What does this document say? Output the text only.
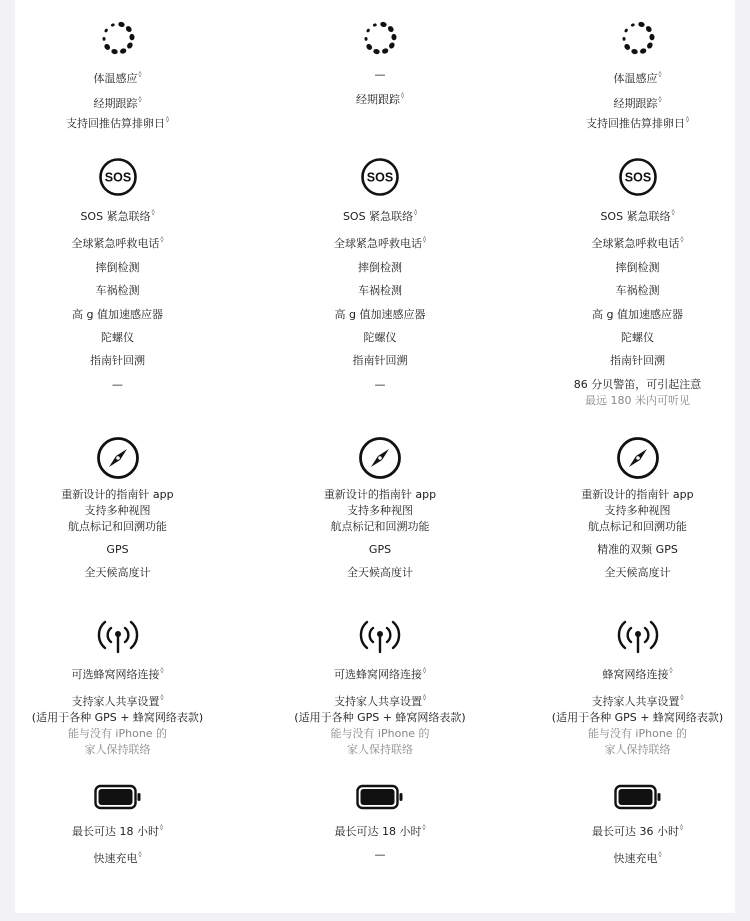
体温感应◊

经期跟踪◊

支持回推估算排卵日◊

SOS

SOS 紧急联络◊

全球紧急呼救电话◊

摔倒检测

车祸检测

高 g 值加速感应器

陀螺仪

指南针回溯

—

重新设计的指南针 app

支持多种视图

航点标记和回溯功能

GPS

全天候高度计

可选蜂窝网络连接◊

支持家人共享设置◊

(适用于各种 GPS + 蜂窝网络表款)

能与没有 iPhone 的

家人保持联络

最长可达 18 小时◊

快速充电◊

—

经期跟踪◊

SOS

SOS 紧急联络◊

全球紧急呼救电话◊

摔倒检测

车祸检测

高 g 值加速感应器

陀螺仪

指南针回溯

—

重新设计的指南针 app

支持多种视图

航点标记和回溯功能

GPS

全天候高度计

可选蜂窝网络连接◊

支持家人共享设置◊

(适用于各种 GPS + 蜂窝网络表款)

能与没有 iPhone 的

家人保持联络

最长可达 18 小时◊

—

体温感应◊

经期跟踪◊

支持回推估算排卵日◊

SOS

SOS 紧急联络◊

全球紧急呼救电话◊

摔倒检测

车祸检测

高 g 值加速感应器

陀螺仪

指南针回溯

86 分贝警笛，可引起注意

最远 180 米内可听见

重新设计的指南针 app

支持多种视图

航点标记和回溯功能

精准的双频 GPS

全天候高度计

蜂窝网络连接◊

支持家人共享设置◊

(适用于各种 GPS + 蜂窝网络表款)

能与没有 iPhone 的

家人保持联络

最长可达 36 小时◊

快速充电◊
